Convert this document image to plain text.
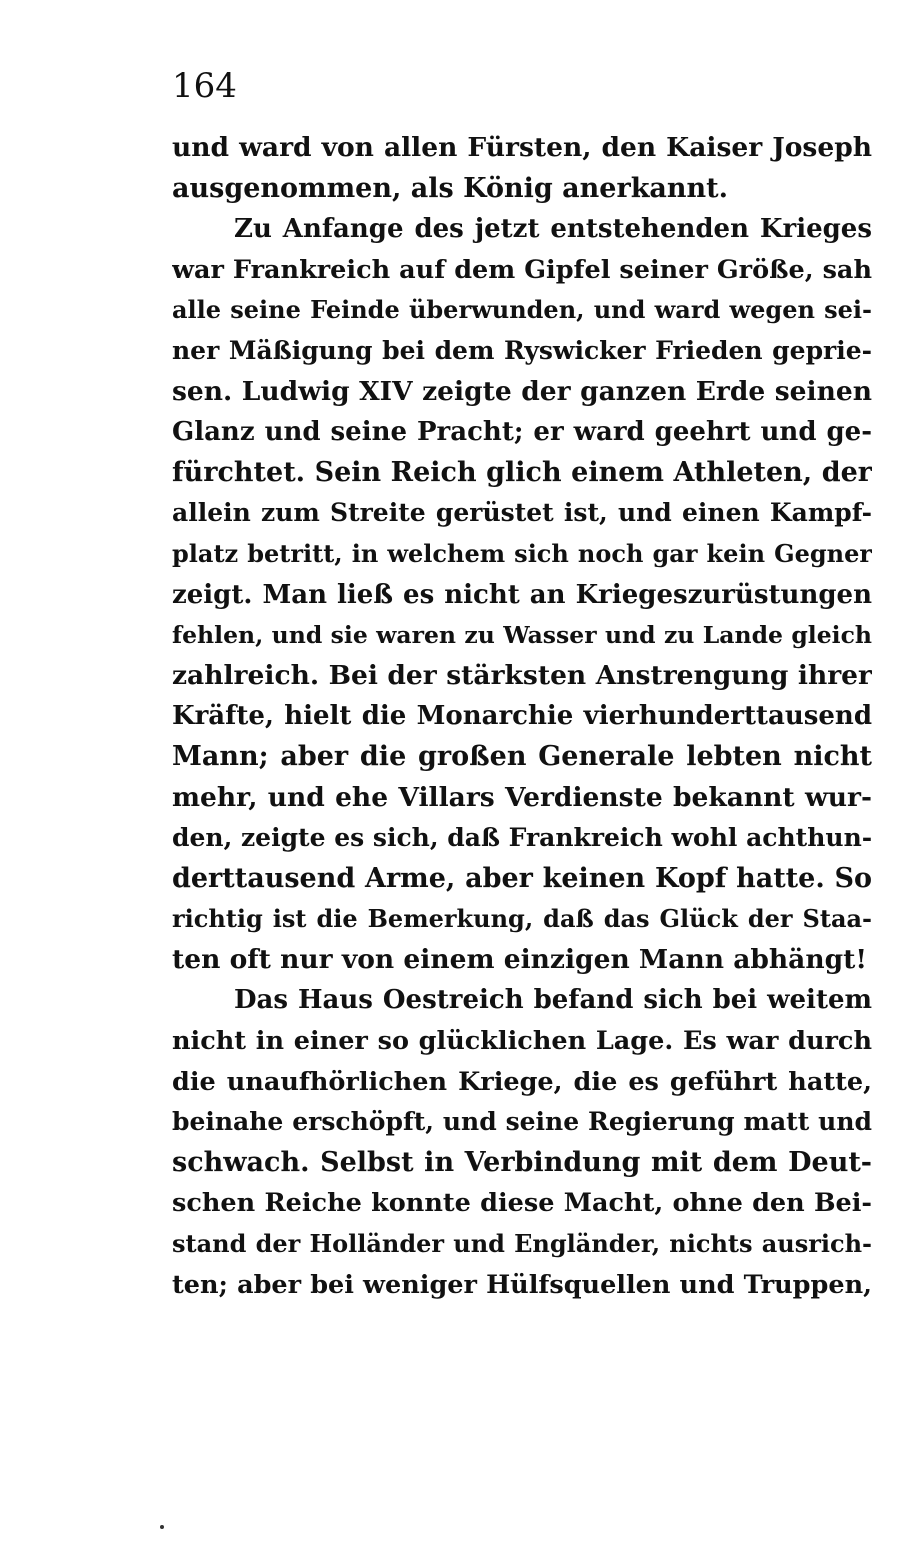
164
und ward von allen Fürsten, den Kaiser Joseph
ausgenommen, als König anerkannt.
Zu Anfange des jetzt entstehenden Krieges
war Frankreich auf dem Gipfel seiner Größe, sah
alle seine Feinde überwunden, und ward wegen sei-
ner Mäßigung bei dem Ryswicker Frieden geprie-
sen. Ludwig XIV zeigte der ganzen Erde seinen
Glanz und seine Pracht; er ward geehrt und ge-
fürchtet. Sein Reich glich einem Athleten, der
allein zum Streite gerüstet ist, und einen Kampf-
platz betritt, in welchem sich noch gar kein Gegner
zeigt. Man ließ es nicht an Kriegeszurüstungen
fehlen, und sie waren zu Wasser und zu Lande gleich
zahlreich. Bei der stärksten Anstrengung ihrer
Kräfte, hielt die Monarchie vierhunderttausend
Mann; aber die großen Generale lebten nicht
mehr, und ehe Villars Verdienste bekannt wur-
den, zeigte es sich, daß Frankreich wohl achthun-
derttausend Arme, aber keinen Kopf hatte. So
richtig ist die Bemerkung, daß das Glück der Staa-
ten oft nur von einem einzigen Mann abhängt!
Das Haus Oestreich befand sich bei weitem
nicht in einer so glücklichen Lage. Es war durch
die unaufhörlichen Kriege, die es geführt hatte,
beinahe erschöpft, und seine Regierung matt und
schwach. Selbst in Verbindung mit dem Deut-
schen Reiche konnte diese Macht, ohne den Bei-
stand der Holländer und Engländer, nichts ausrich-
ten; aber bei weniger Hülfsquellen und Truppen,
